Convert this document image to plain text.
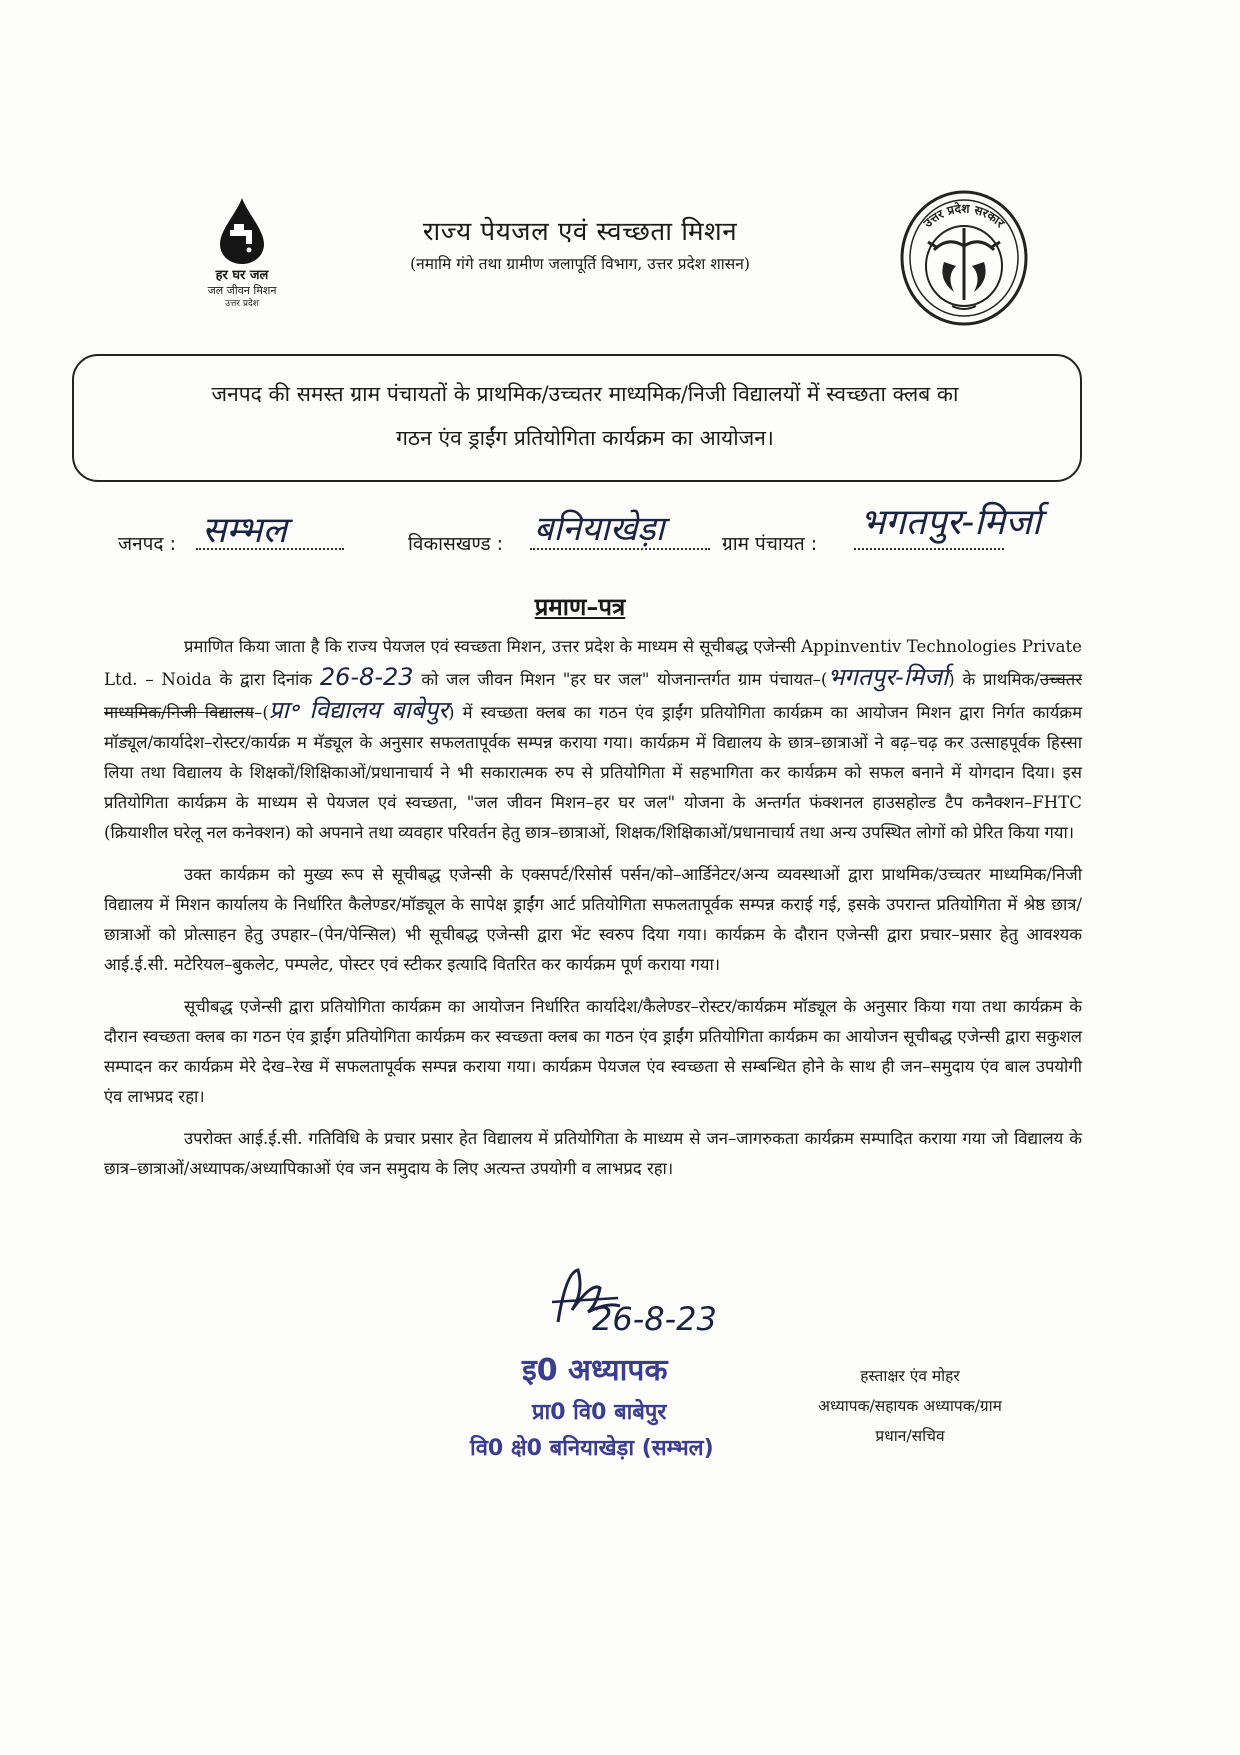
हर घर जल
जल जीवन मिशन
उत्तर प्रदेश
राज्य पेयजल एवं स्वच्छता मिशन
(नमामि गंगे तथा ग्रामीण जलापूर्ति विभाग, उत्तर प्रदेश शासन)
उत्तर प्रदेश सरकार
जनपद की समस्त ग्राम पंचायतों के प्राथमिक/उच्चतर माध्यमिक/निजी विद्यालयों में स्वच्छता क्लब का
गठन एंव ड्राईंग प्रतियोगिता कार्यक्रम का आयोजन।
जनपद : सम्भल	विकासखण्ड : बनियाखेड़ा	ग्राम पंचायत :
भगतपुर-मिर्जा
प्रमाण–पत्र

प्रमाणित किया जाता है कि राज्य पेयजल एवं स्वच्छता मिशन, उत्तर प्रदेश के माध्यम से सूचीबद्ध एजेन्सी Appinventiv Technologies Private Ltd. – Noida के द्वारा दिनांक 26-8-23 को जल जीवन मिशन "हर घर जल" योजनान्तर्गत ग्राम पंचायत–(भगतपुर-मिर्जा) के प्राथमिक/उच्चतर माध्यमिक/निजी विद्यालय–(प्रा॰ विद्यालय बाबेपुर) में स्वच्छता क्लब का गठन एंव ड्राईंग प्रतियोगिता कार्यक्रम का आयोजन मिशन द्वारा निर्गत कार्यक्रम मॉड्यूल/कार्यादेश–रोस्टर/कार्यक्र म मॅड्यूल के अनुसार सफलतापूर्वक सम्पन्न कराया गया। कार्यक्रम में विद्यालय के छात्र–छात्राओं ने बढ़–चढ़ कर उत्साहपूर्वक हिस्सा लिया तथा विद्यालय के शिक्षकों/शिक्षिकाओं/प्रधानाचार्य ने भी सकारात्मक रुप से प्रतियोगिता में सहभागिता कर कार्यक्रम को सफल बनाने में योगदान दिया। इस प्रतियोगिता कार्यक्रम के माध्यम से पेयजल एवं स्वच्छता, "जल जीवन मिशन–हर घर जल" योजना के अन्तर्गत फंक्शनल हाउसहोल्ड टैप कनैक्शन–FHTC (क्रियाशील घरेलू नल कनेक्शन) को अपनाने तथा व्यवहार परिवर्तन हेतु छात्र–छात्राओं, शिक्षक/शिक्षिकाओं/प्रधानाचार्य तथा अन्य उपस्थित लोगों को प्रेरित किया गया।

उक्त कार्यक्रम को मुख्य रूप से सूचीबद्ध एजेन्सी के एक्सपर्ट/रिसोर्स पर्सन/को–आर्डिनेटर/अन्य व्यवस्थाओं द्वारा प्राथमिक/उच्चतर माध्यमिक/निजी विद्यालय में मिशन कार्यालय के निर्धारित कैलेण्डर/मॉड्यूल के सापेक्ष ड्राईंग आर्ट प्रतियोगिता सफलतापूर्वक सम्पन्न कराई गई, इसके उपरान्त प्रतियोगिता में श्रेष्ठ छात्र/छात्राओं को प्रोत्साहन हेतु उपहार–(पेन/पेन्सिल) भी सूचीबद्ध एजेन्सी द्वारा भेंट स्वरुप दिया गया। कार्यक्रम के दौरान एजेन्सी द्वारा प्रचार–प्रसार हेतु आवश्यक आई.ई.सी. मटेरियल–बुकलेट, पम्पलेट, पोस्टर एवं स्टीकर इत्यादि वितरित कर कार्यक्रम पूर्ण कराया गया।

सूचीबद्ध एजेन्सी द्वारा प्रतियोगिता कार्यक्रम का आयोजन निर्धारित कार्यादेश/कैलेण्डर–रोस्टर/कार्यक्रम मॉड्यूल के अनुसार किया गया तथा कार्यक्रम के दौरान स्वच्छता क्लब का गठन एंव ड्राईंग प्रतियोगिता कार्यक्रम कर स्वच्छता क्लब का गठन एंव ड्राईंग प्रतियोगिता कार्यक्रम का आयोजन सूचीबद्ध एजेन्सी द्वारा सकुशल सम्पादन कर कार्यक्रम मेरे देख–रेख में सफलतापूर्वक सम्पन्न कराया गया। कार्यक्रम पेयजल एंव स्वच्छता से सम्बन्धित होने के साथ ही जन–समुदाय एंव बाल उपयोगी एंव लाभप्रद रहा।

उपरोक्त आई.ई.सी. गतिविधि के प्रचार प्रसार हेत विद्यालय में प्रतियोगिता के माध्यम से जन–जागरुकता कार्यक्रम सम्पादित कराया गया जो विद्यालय के छात्र–छात्राओं/अध्यापक/अध्यापिकाओं एंव जन समुदाय के लिए अत्यन्त उपयोगी व लाभप्रद रहा।

26-8-23
इ0 अध्यापक
प्रा0 वि0 बाबेपुर
वि0 क्षे0 बनियाखेड़ा (सम्भल)
हस्ताक्षर एंव मोहर
अध्यापक/सहायक अध्यापक/ग्राम
प्रधान/सचिव
